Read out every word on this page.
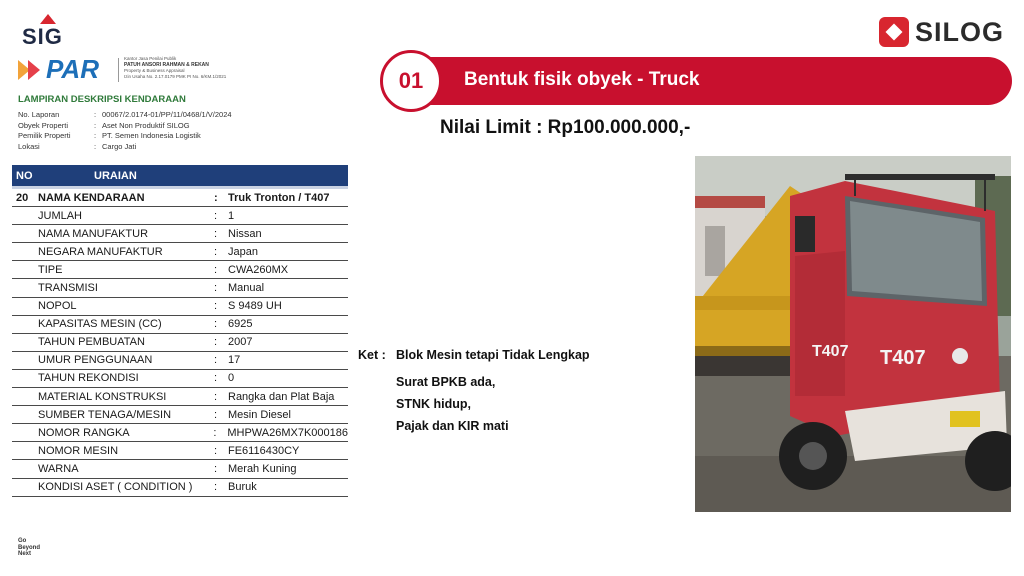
SIG	SILOG
PAR	Kantor Jasa Penilai Publik
PATUH ANSORI RAHMAN & REKAN
Property & Business Appraisal
Izin Usaha No. 2.17.0179 PMK PI No. 6/KM.1/2021
LAMPIRAN DESKRIPSI KENDARAAN
No. Laporan	: 00067/2.0174-01/PP/11/0468/1/V/2024
Obyek Properti	: Aset Non Produktif SILOG
Pemilik Properti	: PT. Semen Indonesia Logistik
Lokasi	: Cargo Jati
NO	URAIAN
20 NAMA KENDARAAN	: Truk Tronton / T407
JUMLAH	: 1
NAMA MANUFAKTUR	: Nissan
NEGARA MANUFAKTUR	: Japan
TIPE	: CWA260MX
TRANSMISI	: Manual
NOPOL	: S 9489 UH
KAPASITAS MESIN (CC)	: 6925
TAHUN PEMBUATAN	: 2007
UMUR PENGGUNAAN	: 17
TAHUN REKONDISI	: 0
MATERIAL KONSTRUKSI	: Rangka dan Plat Baja
SUMBER TENAGA/MESIN	: Mesin Diesel
NOMOR RANGKA	: MHPWA26MX7K000186
NOMOR MESIN	: FE6116430CY
WARNA	: Merah Kuning
KONDISI ASET ( CONDITION )	: Buruk
Bentuk fisik obyek - Truck
01
Nilai Limit : Rp100.000.000,-
Ket : Blok Mesin tetapi Tidak Lengkap
Surat BPKB ada,
STNK hidup,
Pajak dan KIR mati
T407
T407
Go
Beyond
Next
